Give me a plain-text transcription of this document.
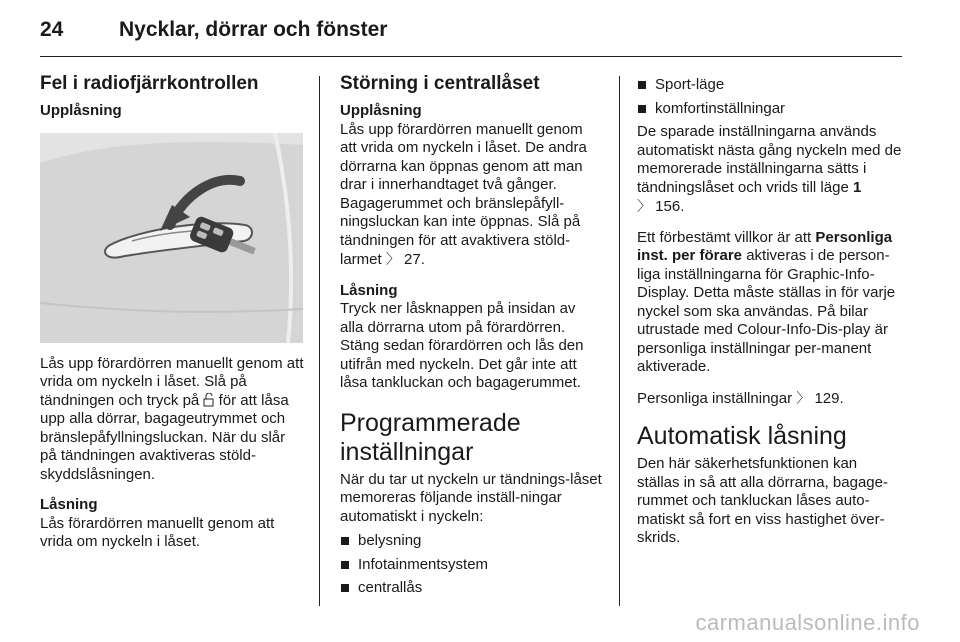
24	Nycklar, dörrar och fönster
Fel i radiofjärrkontrollen
Upplåsning

Lås upp förardörren manuellt genom att vrida om nyckeln i låset. Slå på tändningen och tryck på för att låsa upp alla dörrar, bagageutrymmet och bränslepåfyllningsluckan. När du slår på tändningen avaktiveras stöld-skyddslåsningen.

Låsning

Lås förardörren manuellt genom att vrida om nyckeln i låset.

Störning i centrallåset
Upplåsning

Lås upp förardörren manuellt genom att vrida om nyckeln i låset. De andra dörrarna kan öppnas genom att man drar i innerhandtaget två gånger. Bagagerummet och bränslepåfyll-ningsluckan kan inte öppnas. Slå på tändningen för att avaktivera stöld-larmet 〉 27.

Låsning

Tryck ner låsknappen på insidan av alla dörrarna utom på förardörren. Stäng sedan förardörren och lås den utifrån med nyckeln. Det går inte att låsa tankluckan och bagagerummet.

Programmerade
inställningar

När du tar ut nyckeln ur tändnings-låset memoreras följande inställ-ningar automatiskt i nyckeln:

belysning
Infotainmentsystem
centrallås
Sport-läge
komfortinställningar

De sparade inställningarna används automatiskt nästa gång nyckeln med de memorerade inställningarna sätts i tändningslåset och vrids till läge 1
〉 156.

Ett förbestämt villkor är att Personliga inst. per förare aktiveras i de person-liga inställningarna för Graphic-Info-Display. Detta måste ställas in för varje nyckel som ska användas. På bilar utrustade med Colour-Info-Dis-play är personliga inställningar per-manent aktiverade.

Personliga inställningar 〉 129.

Automatisk låsning

Den här säkerhetsfunktionen kan ställas in så att alla dörrarna, bagage-rummet och tankluckan låses auto-matiskt så fort en viss hastighet över-skrids.

carmanualsonline.info
